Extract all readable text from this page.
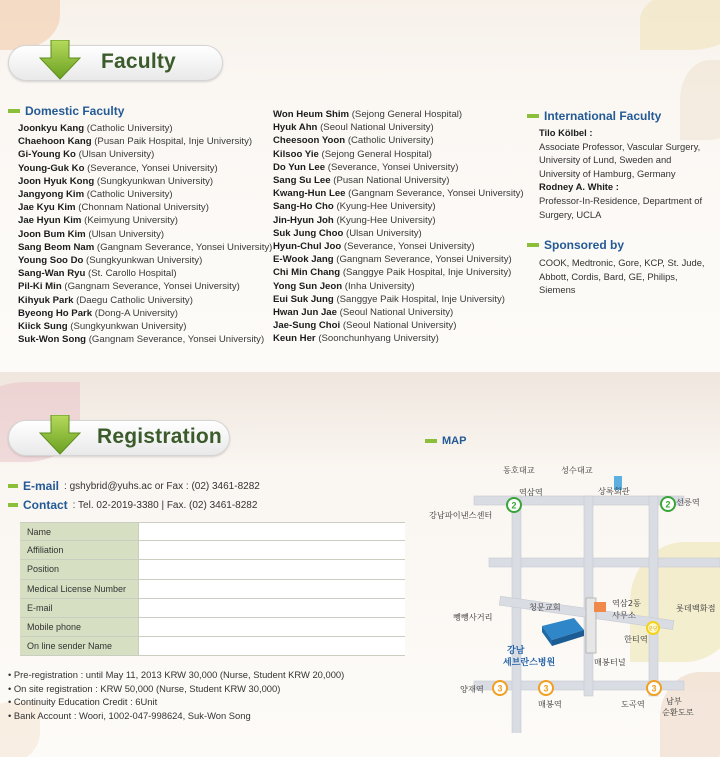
Faculty
Domestic Faculty
Joonkyu Kang (Catholic University)
Chaehoon Kang (Pusan Paik Hospital, Inje University)
Gi-Young Ko (Ulsan University)
Young-Guk Ko (Severance, Yonsei University)
Joon Hyuk Kong (Sungkyunkwan University)
Jangyong Kim (Catholic University)
Jae Kyu Kim (Chonnam National University)
Jae Hyun Kim (Keimyung University)
Joon Bum Kim (Ulsan University)
Sang Beom Nam (Gangnam Severance, Yonsei University)
Young Soo Do (Sungkyunkwan University)
Sang-Wan Ryu (St. Carollo Hospital)
Pil-Ki Min (Gangnam Severance, Yonsei University)
Kihyuk Park (Daegu Catholic University)
Byeong Ho Park (Dong-A University)
Kiick Sung (Sungkyunkwan University)
Suk-Won Song (Gangnam Severance, Yonsei University)
Won Heum Shim (Sejong General Hospital)
Hyuk Ahn (Seoul National University)
Cheesoon Yoon (Catholic University)
Kilsoo Yie (Sejong General Hospital)
Do Yun Lee (Severance, Yonsei University)
Sang Su Lee (Pusan National University)
Kwang-Hun Lee (Gangnam Severance, Yonsei University)
Sang-Ho Cho (Kyung-Hee University)
Jin-Hyun Joh (Kyung-Hee University)
Suk Jung Choo (Ulsan University)
Hyun-Chul Joo (Severance, Yonsei University)
E-Wook Jang (Gangnam Severance, Yonsei University)
Chi Min Chang (Sanggye Paik Hospital, Inje University)
Yong Sun Jeon (Inha University)
Eui Suk Jung (Sanggye Paik Hospital, Inje University)
Hwan Jun Jae (Seoul National University)
Jae-Sung Choi (Seoul National University)
Keun Her (Soonchunhyang University)
International Faculty
Tilo Kölbel :
Associate Professor, Vascular Surgery,
University of Lund, Sweden and
University of Hamburg, Germany
Rodney A. White :
Professor-In-Residence, Department of
Surgery, UCLA
Sponsored by
COOK, Medtronic, Gore, KCP, St. Jude,
Abbott, Cordis, Bard, GE, Philips,
Siemens
Registration
E-mail : gshybrid@yuhs.ac or Fax : (02) 3461-8282
Contact : Tel. 02-2019-3380 | Fax. (02) 3461-8282
Name
Affiliation
Position
Medical License Number
E-mail
Mobile phone
On line sender Name
• Pre-registration : until May 11, 2013 KRW 30,000 (Nurse, Student KRW 20,000)
• On site registration : KRW 50,000 (Nurse, Student KRW 30,000)
• Continuity Education Credit : 6Unit
• Bank Account : Woori, 1002-047-998624, Suk-Won Song
MAP
2	2
분당
3	3	3
동호대교	성수대교
역삼역	상록회관
선릉역
강남파이낸스센터
역삼2동
사무소
청문교회	롯데백화점
뺑뺑사거리
강남
세브란스병원
한티역
매봉터널
양재역
매봉역	도곡역	남부
순환도로
